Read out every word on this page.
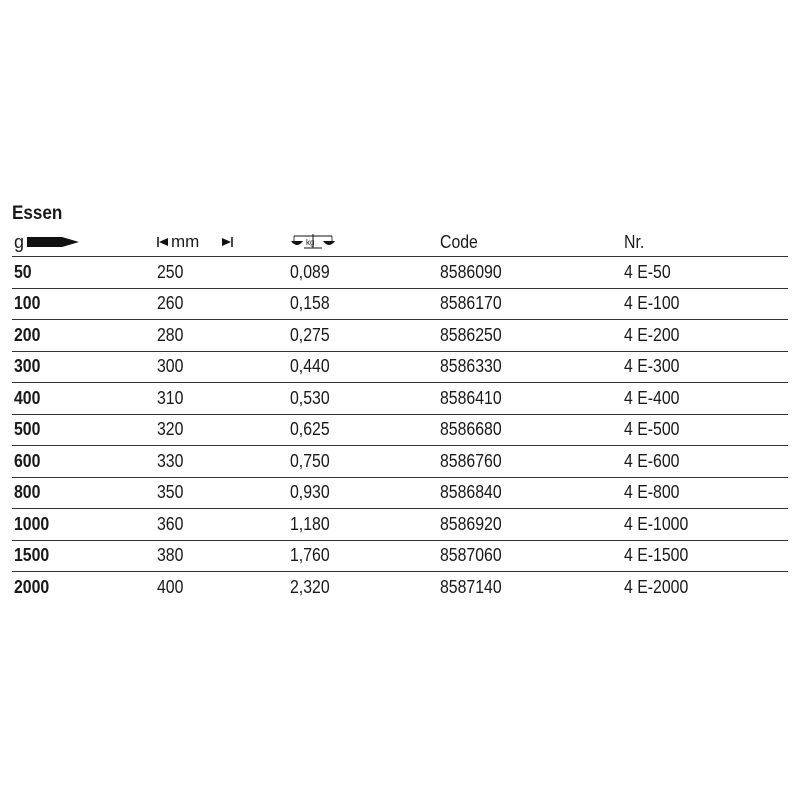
Essen
g	mm	kg	Code	Nr.
50	250	0,089	8586090	4 E-50
100	260	0,158	8586170	4 E-100
200	280	0,275	8586250	4 E-200
300	300	0,440	8586330	4 E-300
400	310	0,530	8586410	4 E-400
500	320	0,625	8586680	4 E-500
600	330	0,750	8586760	4 E-600
800	350	0,930	8586840	4 E-800
1000	360	1,180	8586920	4 E-1000
1500	380	1,760	8587060	4 E-1500
2000	400	2,320	8587140	4 E-2000
